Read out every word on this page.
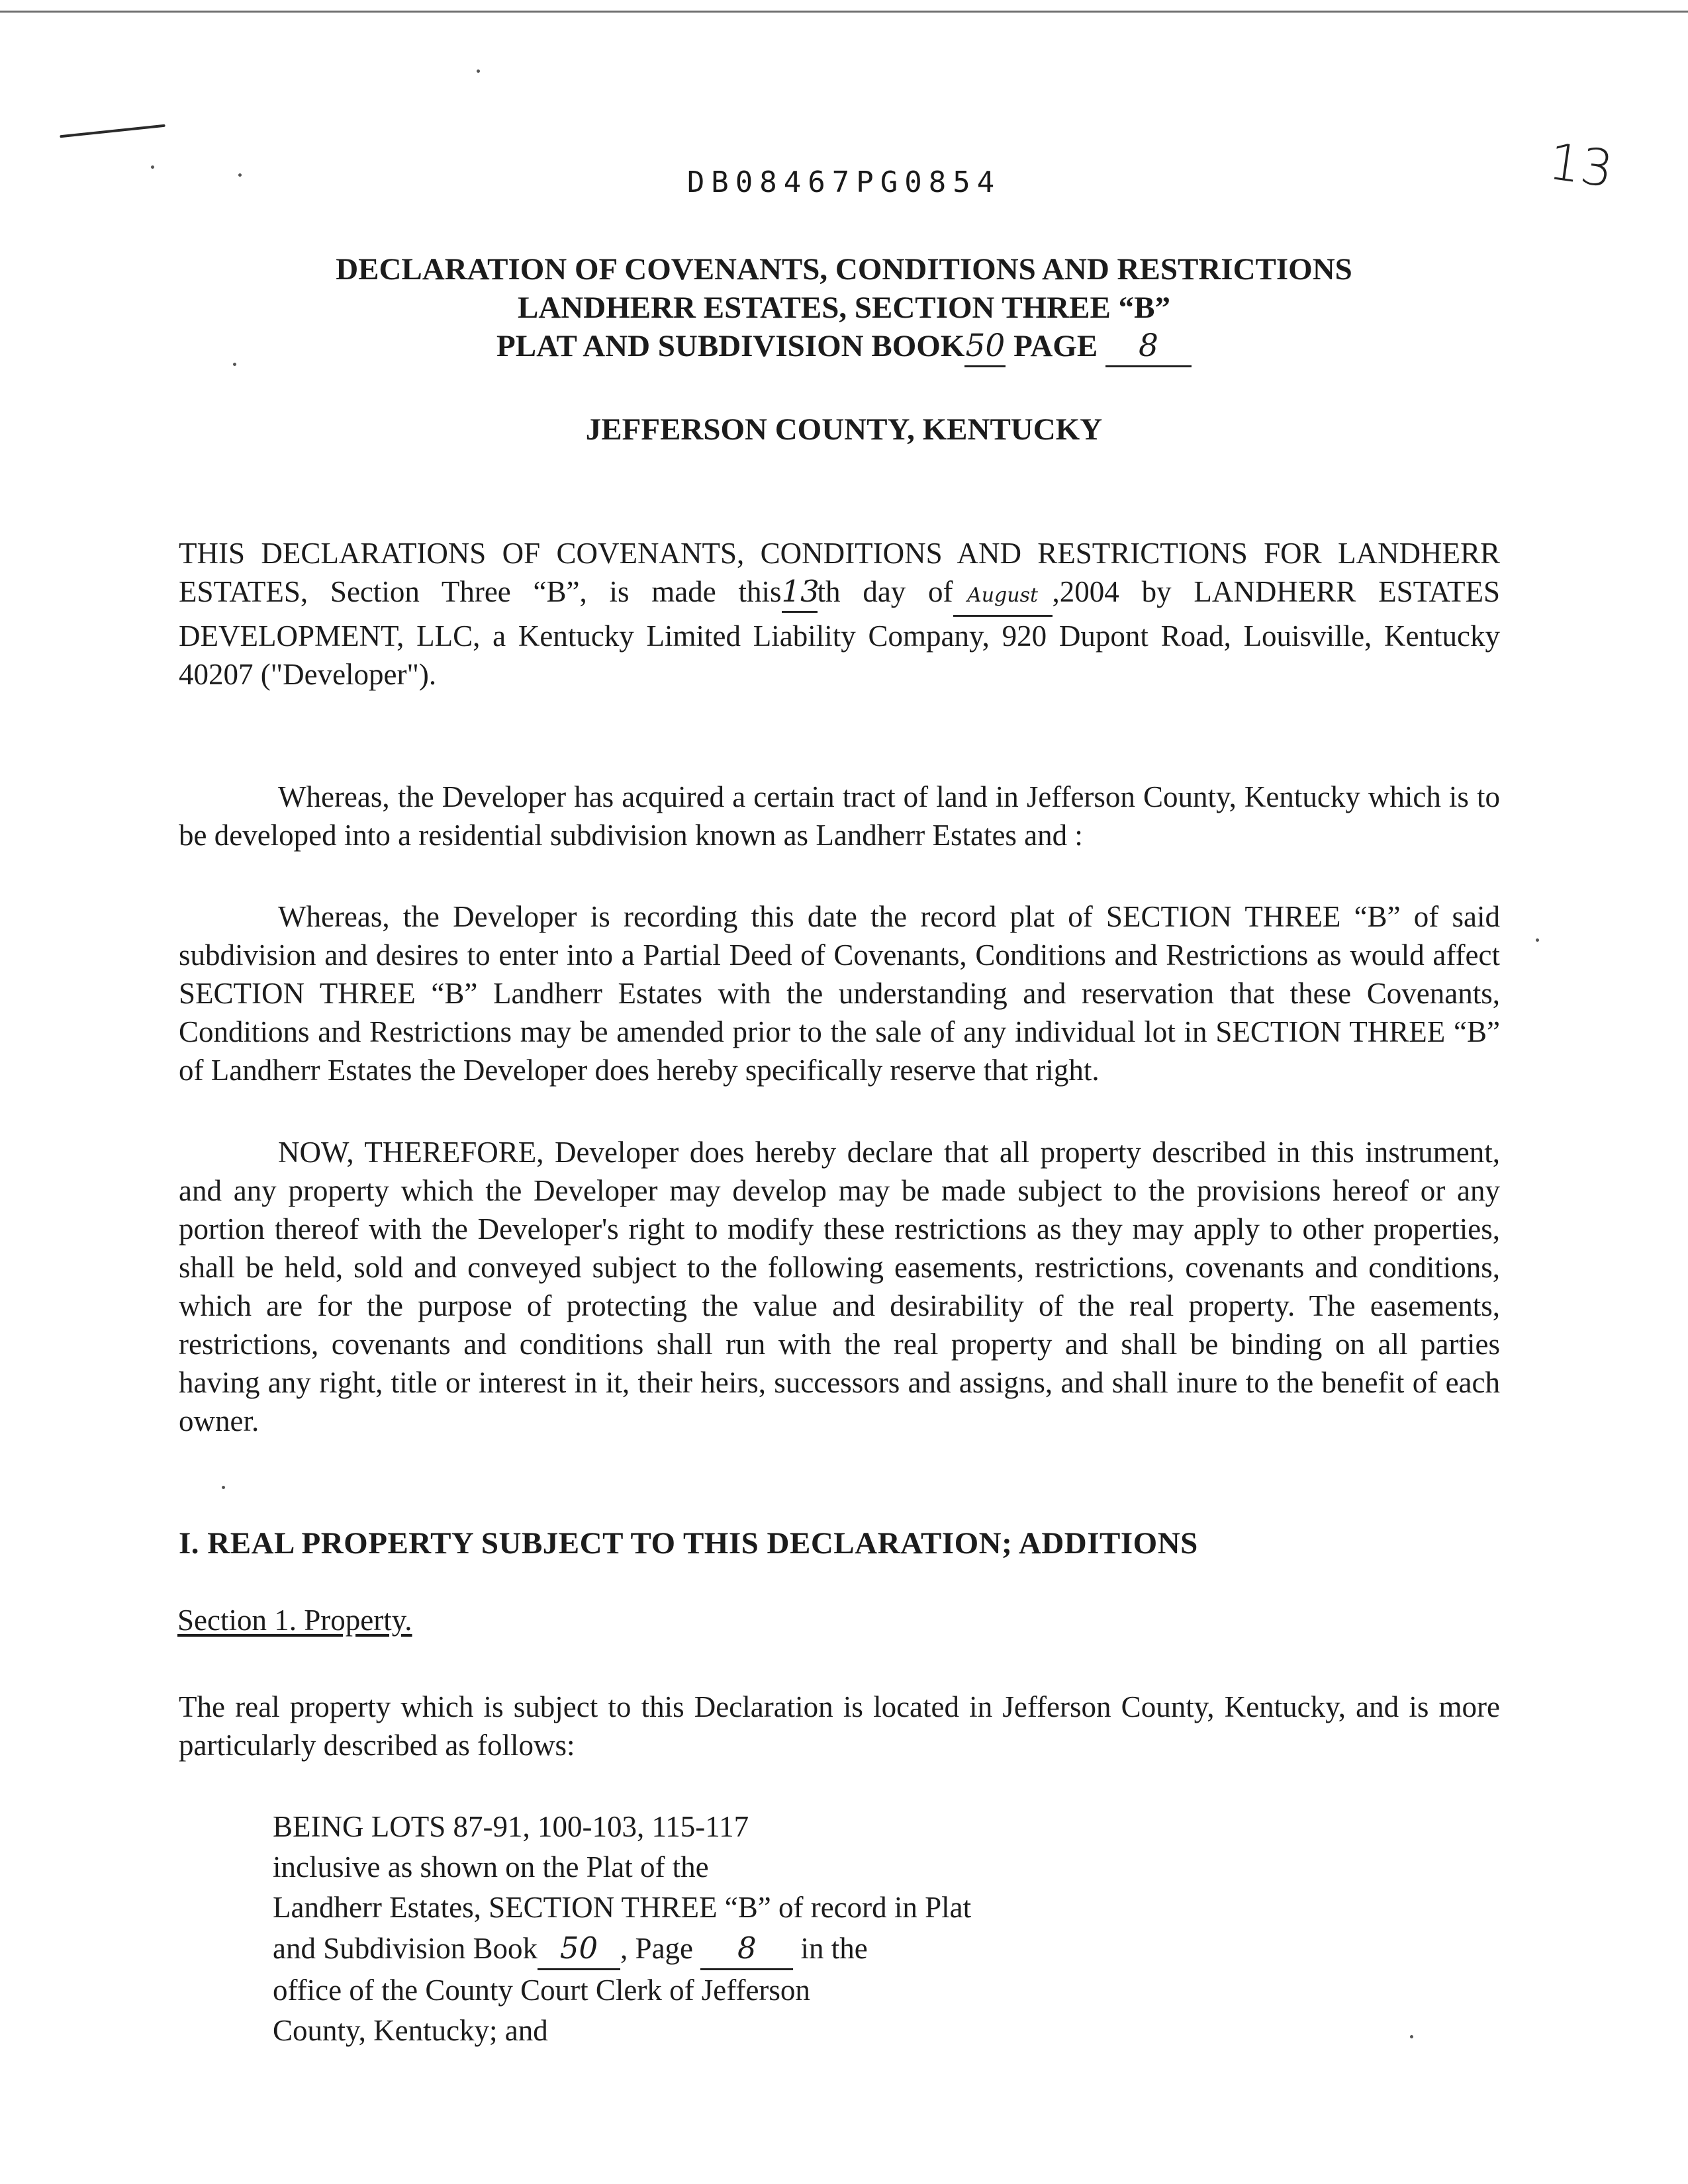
13
DB08467PG0854
DECLARATION OF COVENANTS, CONDITIONS AND RESTRICTIONS
LANDHERR ESTATES, SECTION THREE “B”
PLAT AND SUBDIVISION BOOK50 PAGE 8
JEFFERSON COUNTY, KENTUCKY
THIS DECLARATIONS OF COVENANTS, CONDITIONS AND RESTRICTIONS FOR LANDHERR ESTATES, Section Three “B”, is made this13th day of August ,2004 by LANDHERR ESTATES DEVELOPMENT, LLC, a Kentucky Limited Liability Company, 920 Dupont Road, Louisville, Kentucky 40207 ("Developer").
Whereas, the Developer has acquired a certain tract of land in Jefferson County, Kentucky which is to be developed into a residential subdivision known as Landherr Estates and :
Whereas, the Developer is recording this date the record plat of SECTION THREE “B” of said subdivision and desires to enter into a Partial Deed of Covenants, Conditions and Restrictions as would affect SECTION THREE “B” Landherr Estates with the understanding and reservation that these Covenants, Conditions and Restrictions may be amended prior to the sale of any individual lot in SECTION THREE “B” of Landherr Estates the Developer does hereby specifically reserve that right.
NOW, THEREFORE, Developer does hereby declare that all property described in this instrument, and any property which the Developer may develop may be made subject to the provisions hereof or any portion thereof with the Developer's right to modify these restrictions as they may apply to other properties, shall be held, sold and conveyed subject to the following easements, restrictions, covenants and conditions, which are for the purpose of protecting the value and desirability of the real property. The easements, restrictions, covenants and conditions shall run with the real property and shall be binding on all parties having any right, title or interest in it, their heirs, successors and assigns, and shall inure to the benefit of each owner.
I. REAL PROPERTY SUBJECT TO THIS DECLARATION; ADDITIONS
Section 1. Property.
The real property which is subject to this Declaration is located in Jefferson County, Kentucky, and is more particularly described as follows:
BEING LOTS 87-91, 100-103, 115-117
inclusive as shown on the Plat of the
Landherr Estates, SECTION THREE “B” of record in Plat
and Subdivision Book 50 , Page 8 in the
office of the County Court Clerk of Jefferson
County, Kentucky; and
